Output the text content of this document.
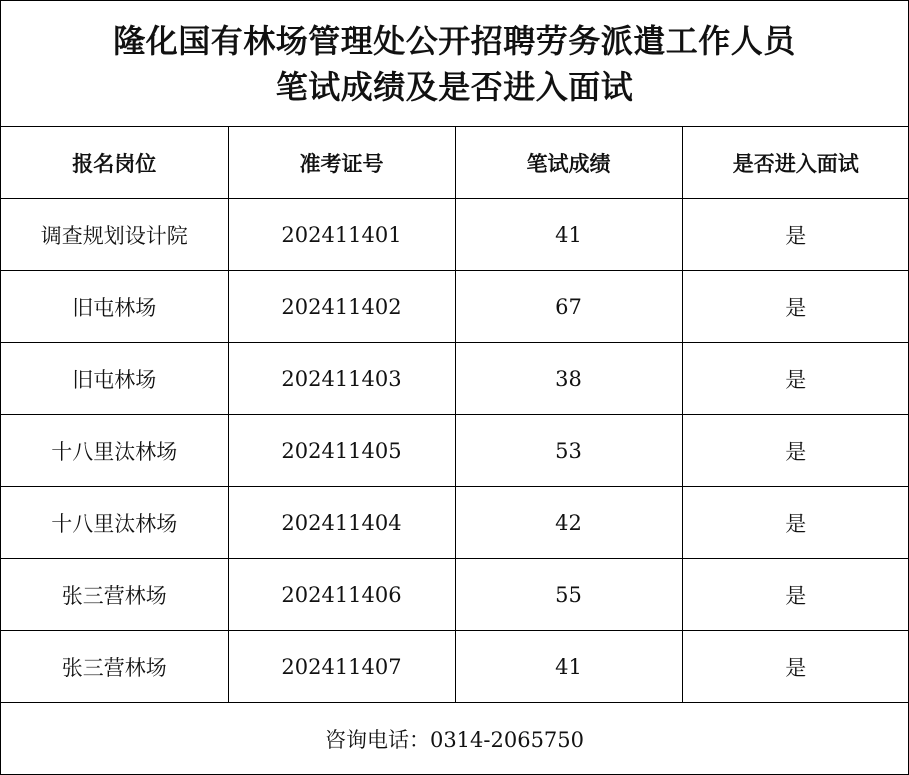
隆化国有林场管理处公开招聘劳务派遣工作人员
笔试成绩及是否进入面试
报名岗位	准考证号	笔试成绩	是否进入面试
调查规划设计院	202411401	41	是
旧屯林场	202411402	67	是
旧屯林场	202411403	38	是
十八里汰林场	202411405	53	是
十八里汰林场	202411404	42	是
张三营林场	202411406	55	是
张三营林场	202411407	41	是
咨询电话：0314-2065750
